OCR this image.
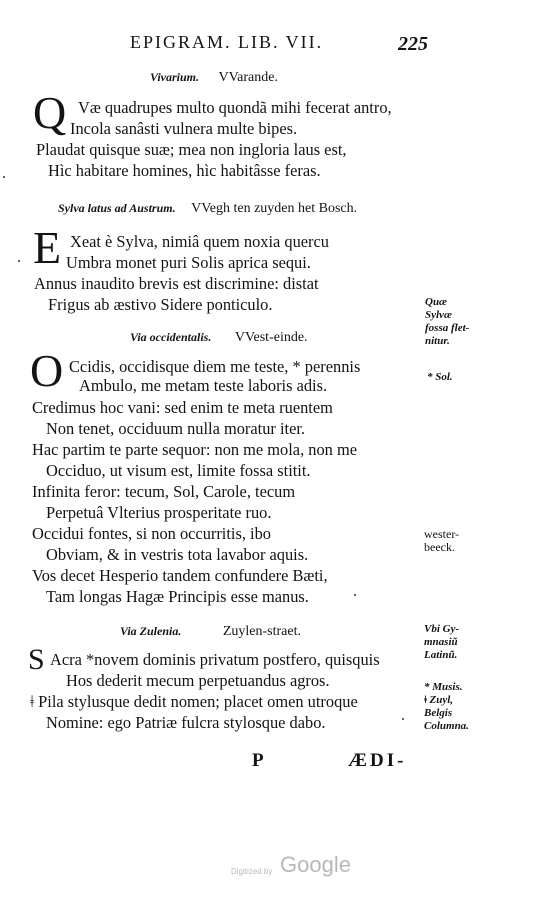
EPIGRAM. LIB. VII.	225
Vivarium. VVarande.
Q Væ quadrupes multo quondã mihi fecerat antro,
Incola sanâsti vulnera multe bipes.
Plaudat quisque suæ; mea non ingloria laus est,
Hìc habitare homines, hìc habitâsse feras.
Sylva latus ad Austrum. VVegh ten zuyden het Bosch.
E Xeat è Sylva, nimiâ quem noxia quercu
Umbra monet puri Solis aprica sequi.
Annus inaudito brevis est discrimine: distat
Frigus ab æstivo Sidere ponticulo.
Via occidentalis. VVest-einde.
O Ccidis, occidisque diem me teste, * perennis
Ambulo, me metam teste laboris adis.
Credimus hoc vani: sed enim te meta ruentem
Non tenet, occiduum nulla moratur iter.
Hac partim te parte sequor: non me mola, non me
Occiduo, ut visum est, limite fossa stitit.
Infinita feror: tecum, Sol, Carole, tecum
Perpetuâ Vlterius prosperitate ruo.
Occidui fontes, si non occurritis, ibo
Obviam, & in vestris tota lavabor aquis.
Vos decet Hesperio tandem confundere Bæti,
Tam longas Hagæ Principis esse manus.
Via Zulenia.	Zuylen-straet.
S Acra *novem dominis privatum postfero, quisquis
Hos dederit mecum perpetuandus agros.
ǂ Pila stylusque dedit nomen; placet omen utroque
Nomine: ego Patriæ fulcra stylosque dabo.
Quæ
Sylvæ
fossa flet-
nitur.
* Sol.
wester-
beeck.
Vbi Gy-
mnasiũ
Latinũ.
* Musis.
ǂ Zuyl,
Belgis
Columna.
P	ÆDI-
Digitized by Google
